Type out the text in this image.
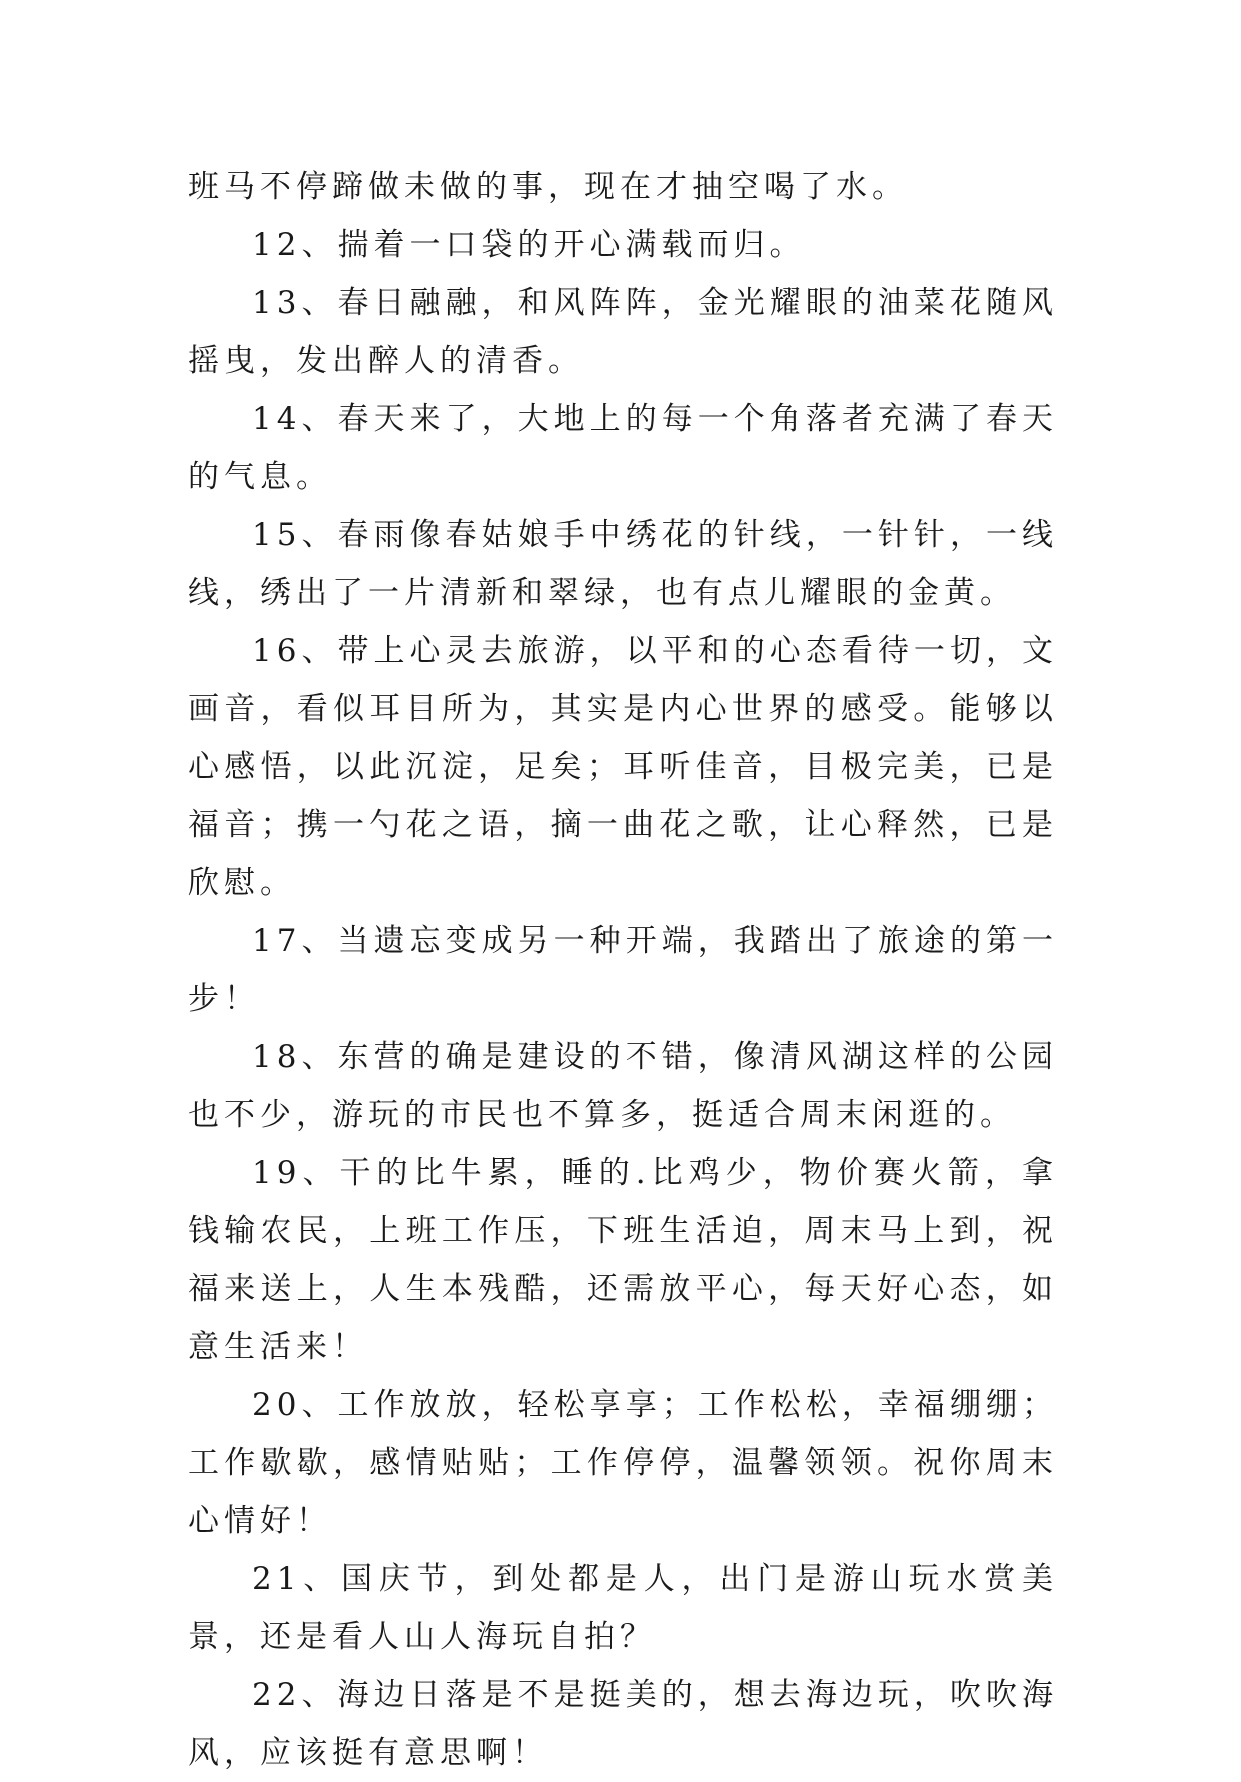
班马不停蹄做未做的事，现在才抽空喝了水。

12、揣着一口袋的开心满载而归。

13、春日融融，和风阵阵，金光耀眼的油菜花随风摇曳，发出醉人的清香。

14、春天来了，大地上的每一个角落者充满了春天的气息。

15、春雨像春姑娘手中绣花的针线，一针针，一线线，绣出了一片清新和翠绿，也有点儿耀眼的金黄。

16、带上心灵去旅游，以平和的心态看待一切，文画音，看似耳目所为，其实是内心世界的感受。能够以心感悟，以此沉淀，足矣；耳听佳音，目极完美，已是福音；携一勺花之语，摘一曲花之歌，让心释然，已是欣慰。

17、当遗忘变成另一种开端，我踏出了旅途的第一步！

18、东营的确是建设的不错，像清风湖这样的公园也不少，游玩的市民也不算多，挺适合周末闲逛的。

19、干的比牛累，睡的.比鸡少，物价赛火箭，拿钱输农民，上班工作压，下班生活迫，周末马上到，祝福来送上，人生本残酷，还需放平心，每天好心态，如意生活来！

20、工作放放，轻松享享；工作松松，幸福绷绷；工作歇歇，感情贴贴；工作停停，温馨领领。祝你周末心情好！

21、国庆节，到处都是人，出门是游山玩水赏美景，还是看人山人海玩自拍？

22、海边日落是不是挺美的，想去海边玩，吹吹海风，应该挺有意思啊！
